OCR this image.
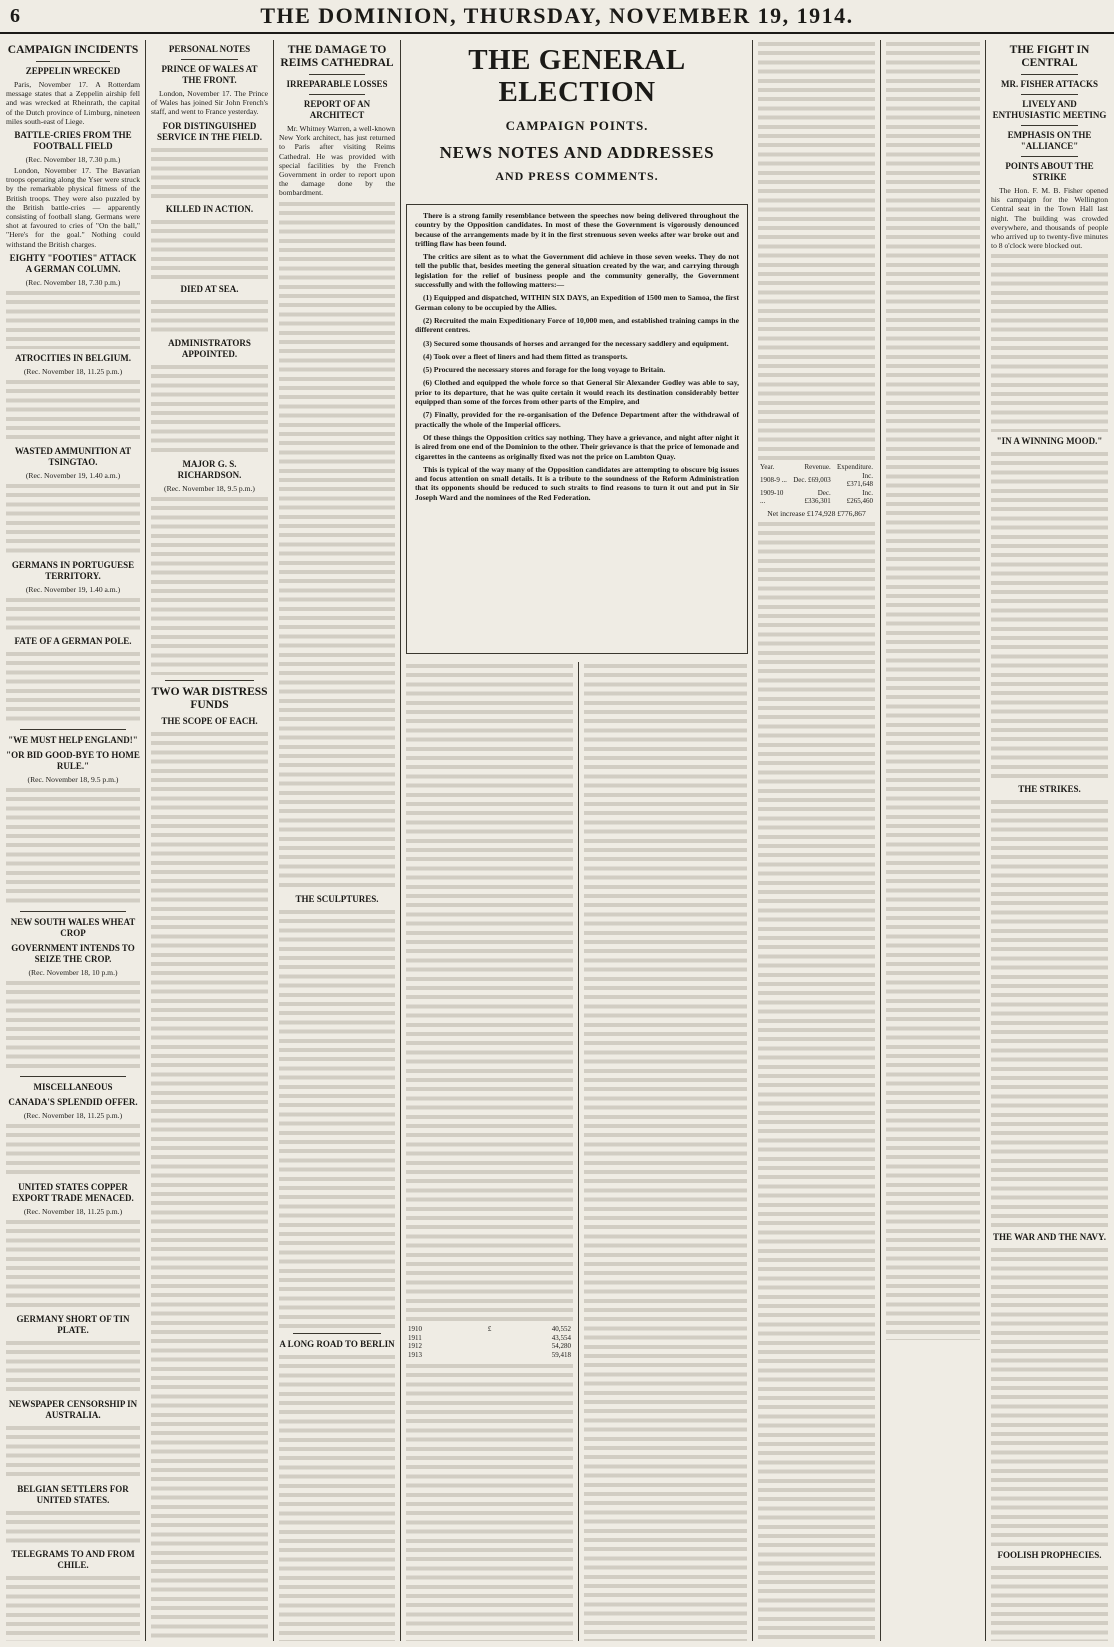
6	THE DOMINION, THURSDAY, NOVEMBER 19, 1914.
CAMPAIGN INCIDENTS
ZEPPELIN WRECKED

Paris, November 17. A Rotterdam message states that a Zeppelin airship fell and was wrecked at Rheinrath, the capital of the Dutch province of Limburg, nineteen miles south-east of Liege.

BATTLE-CRIES FROM THE FOOTBALL FIELD
(Rec. November 18, 7.30 p.m.)

London, November 17. The Bavarian troops operating along the Yser were struck by the remarkable physical fitness of the British troops. They were also puzzled by the British battle-cries — apparently consisting of football slang. Germans were shot at favoured to cries of "On the ball," "Here's for the goal." Nothing could withstand the British charges.

EIGHTY "FOOTIES" ATTACK A GERMAN COLUMN.
(Rec. November 18, 7.30 p.m.)
ATROCITIES IN BELGIUM.
(Rec. November 18, 11.25 p.m.)
WASTED AMMUNITION AT TSINGTAO.
(Rec. November 19, 1.40 a.m.)
GERMANS IN PORTUGUESE TERRITORY.
(Rec. November 19, 1.40 a.m.)
FATE OF A GERMAN POLE.
"WE MUST HELP ENGLAND!"
"OR BID GOOD-BYE TO HOME RULE."
(Rec. November 18, 9.5 p.m.)
NEW SOUTH WALES WHEAT CROP
GOVERNMENT INTENDS TO SEIZE THE CROP.
(Rec. November 18, 10 p.m.)
MISCELLANEOUS
CANADA'S SPLENDID OFFER.
(Rec. November 18, 11.25 p.m.)
UNITED STATES COPPER EXPORT TRADE MENACED.
(Rec. November 18, 11.25 p.m.)
GERMANY SHORT OF TIN PLATE.
NEWSPAPER CENSORSHIP IN AUSTRALIA.
BELGIAN SETTLERS FOR UNITED STATES.
TELEGRAMS TO AND FROM CHILE.
PERSONAL NOTES
PRINCE OF WALES AT THE FRONT.

London, November 17. The Prince of Wales has joined Sir John French's staff, and went to France yesterday.

FOR DISTINGUISHED SERVICE IN THE FIELD.
KILLED IN ACTION.
DIED AT SEA.
ADMINISTRATORS APPOINTED.
MAJOR G. S. RICHARDSON.
(Rec. November 18, 9.5 p.m.)
TWO WAR DISTRESS FUNDS
THE SCOPE OF EACH.
THE DAMAGE TO REIMS CATHEDRAL
IRREPARABLE LOSSES
REPORT OF AN ARCHITECT

Mr. Whitney Warren, a well-known New York architect, has just returned to Paris after visiting Reims Cathedral. He was provided with special facilities by the French Government in order to report upon the damage done by the bombardment.

THE SCULPTURES.
A LONG ROAD TO BERLIN
THE GENERAL ELECTION
CAMPAIGN POINTS.
NEWS NOTES AND ADDRESSES
AND PRESS COMMENTS.

There is a strong family resemblance between the speeches now being delivered throughout the country by the Opposition candidates. In most of these the Government is vigorously denounced because of the arrangements made by it in the first strenuous seven weeks after war broke out and trifling flaw has been found.

The critics are silent as to what the Government did achieve in those seven weeks. They do not tell the public that, besides meeting the general situation created by the war, and carrying through legislation for the relief of business people and the community generally, the Government successfully and with the following matters:—

(1) Equipped and dispatched, WITHIN SIX DAYS, an Expedition of 1500 men to Samoa, the first German colony to be occupied by the Allies.

(2) Recruited the main Expeditionary Force of 10,000 men, and established training camps in the different centres.

(3) Secured some thousands of horses and arranged for the necessary saddlery and equipment.

(4) Took over a fleet of liners and had them fitted as transports.

(5) Procured the necessary stores and forage for the long voyage to Britain.

(6) Clothed and equipped the whole force so that General Sir Alexander Godley was able to say, prior to its departure, that he was quite certain it would reach its destination considerably better equipped than some of the forces from other parts of the Empire, and

(7) Finally, provided for the re-organisation of the Defence Department after the withdrawal of practically the whole of the Imperial officers.

Of these things the Opposition critics say nothing. They have a grievance, and night after night it is aired from one end of the Dominion to the other. Their grievance is that the price of lemonade and cigarettes in the canteens as originally fixed was not the price on Lambton Quay.

This is typical of the way many of the Opposition candidates are attempting to obscure big issues and focus attention on small details. It is a tribute to the soundness of the Reform Administration that its opponents should be reduced to such straits to find reasons to turn it out and put in Sir Joseph Ward and the nominees of the Red Federation.

1910	£	40,552
1911		43,554
1912		54,280
1913		59,418
Year.	Revenue.	Expenditure.
1908-9 ...	Dec. £69,003	Inc. £371,648
1909-10 ...	Dec. £336,301	Inc. £265,460
Net increase £174,928 £776,867
THE FIGHT IN CENTRAL
MR. FISHER ATTACKS
LIVELY AND ENTHUSIASTIC MEETING
EMPHASIS ON THE "ALLIANCE"
POINTS ABOUT THE STRIKE

The Hon. F. M. B. Fisher opened his campaign for the Wellington Central seat in the Town Hall last night. The building was crowded everywhere, and thousands of people who arrived up to twenty-five minutes to 8 o'clock were blocked out.

"IN A WINNING MOOD."
THE STRIKES.
THE WAR AND THE NAVY.
FOOLISH PROPHECIES.
